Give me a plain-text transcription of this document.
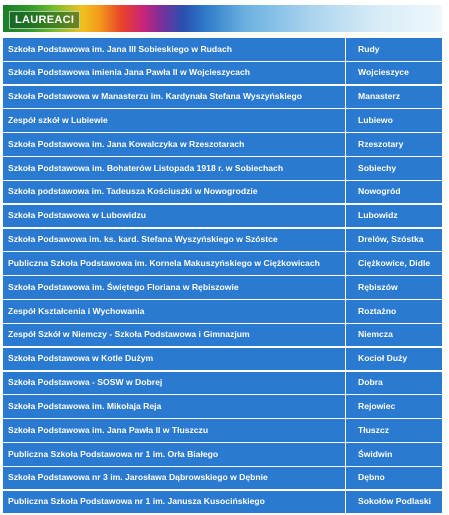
LAUREACI
Szkoła Podstawowa im. Jana III Sobieskiego w Rudach	Rudy
Szkoła Podstawowa imienia Jana Pawła II w Wojcieszycach	Wojcieszyce
Szkoła Podstawowa w Manasterzu im. Kardynała Stefana Wyszyńskiego	Manasterz
Zespół szkół w Lubiewie	Lubiewo
Szkoła Podstawowa im. Jana Kowalczyka w Rzeszotarach	Rzeszotary
Szkoła Podstawowa im. Bohaterów Listopada 1918 r. w Sobiechach	Sobiechy
Szkoła podstawowa im. Tadeusza Kościuszki w Nowogrodzie	Nowogród
Szkoła Podstawowa w Lubowidzu	Lubowidz
Szkoła Podsawowa im. ks. kard. Stefana Wyszyńskiego w Szóstce	Drelów, Szóstka
Publiczna Szkoła Podstawowa im. Kornela Makuszyńskiego w Ciężkowicach	Ciężkowice, Didle
Szkoła Podstawowa im. Świętego Floriana w Rębiszowie	Rębiszów
Zespół Kształcenia i Wychowania	Roztażno
Zespół Szkół w Niemczy - Szkoła Podstawowa i Gimnazjum	Niemcza
Szkoła Podstawowa w Kotle Dużym	Kocioł Duży
Szkoła Podstawowa - SOSW w Dobrej	Dobra
Szkoła Podstawowa im. Mikołaja Reja	Rejowiec
Szkoła Podstawowa im. Jana Pawła II w Tłuszczu	Tłuszcz
Publiczna Szkoła Podstawowa nr 1 im. Orła Białego	Świdwin
Szkoła Podstawowa nr 3 im. Jarosława Dąbrowskiego w Dębnie	Dębno
Publiczna Szkoła Podstawowa nr 1 im. Janusza Kusocińskiego	Sokołów Podlaski
